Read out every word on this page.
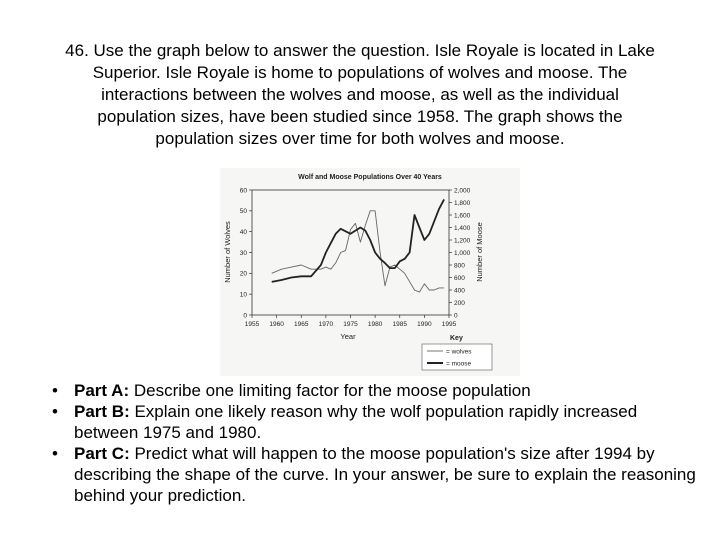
46. Use the graph below to answer the question. Isle Royale is located in Lake
Superior. Isle Royale is home to populations of wolves and moose. The
interactions between the wolves and moose, as well as the individual
population sizes, have been studied since 1958. The graph shows the
population sizes over time for both wolves and moose.

Wolf and Moose Populations Over 40 Years
0
10
20
30
40
50
60
0
200
400
600
800
1,000
1,200
1,400
1,600
1,800
2,000
1955 1960 1965 1970 1975 1980 1985 1990 1995
Number of Wolves	Number of Moose
Year	Key
= wolves
= moose
• Part A: Describe one limiting factor for the moose population
• Part B: Explain one likely reason why the wolf population rapidly increased between 1975 and 1980.
• Part C: Predict what will happen to the moose population's size after 1994 by describing the shape of the curve. In your answer, be sure to explain the reasoning behind your prediction.
